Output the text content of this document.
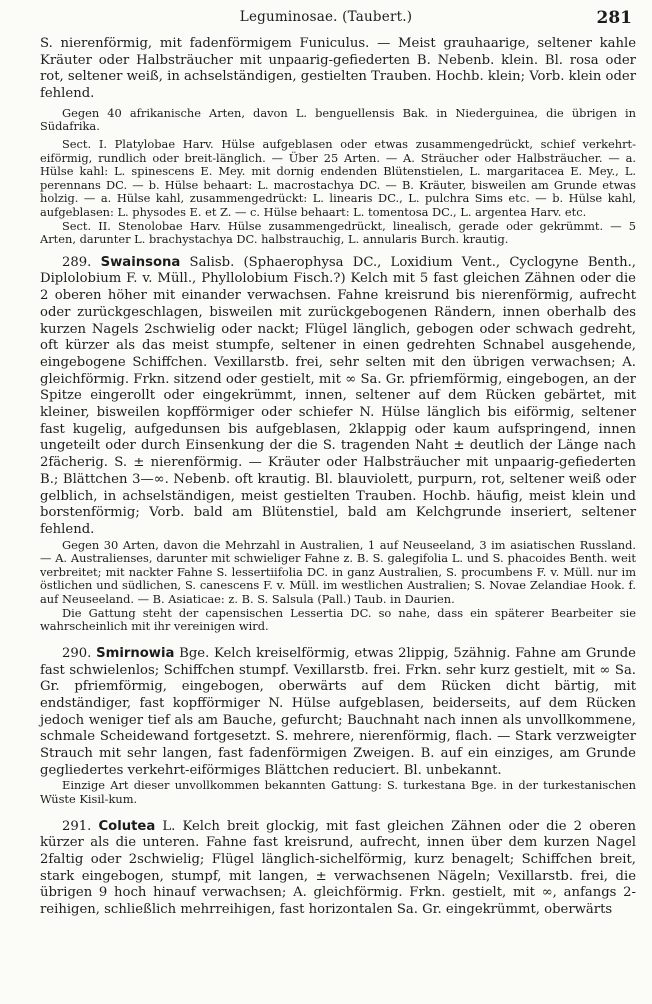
Leguminosae. (Taubert.)	281

S. nierenförmig, mit fadenförmigem Funiculus. — Meist grauhaarige, seltener kahle Kräuter oder Halbsträucher mit unpaarig-gefiederten B. Nebenb. klein. Bl. rosa oder rot, seltener weiß, in achselständigen, gestielten Trauben. Hochb. klein; Vorb. klein oder fehlend.

Gegen 40 afrikanische Arten, davon L. benguellensis Bak. in Niederguinea, die übrigen in Südafrika.

Sect. I. Platylobae Harv. Hülse aufgeblasen oder etwas zusammengedrückt, schief verkehrt-eiförmig, rundlich oder breit-länglich. — Über 25 Arten. — A. Sträucher oder Halbsträucher. — a. Hülse kahl: L. spinescens E. Mey. mit dornig endenden Blütenstielen, L. margaritacea E. Mey., L. perennans DC. — b. Hülse behaart: L. macrostachya DC. — B. Kräuter, bisweilen am Grunde etwas holzig. — a. Hülse kahl, zusammengedrückt: L. linearis DC., L. pulchra Sims etc. — b. Hülse kahl, aufgeblasen: L. physodes E. et Z. — c. Hülse behaart: L. tomentosa DC., L. argentea Harv. etc.

Sect. II. Stenolobae Harv. Hülse zusammengedrückt, linealisch, gerade oder gekrümmt. — 5 Arten, darunter L. brachystachya DC. halbstrauchig, L. annularis Burch. krautig.

289. Swainsona Salisb. (Sphaerophysa DC., Loxidium Vent., Cyclogyne Benth., Diplolobium F. v. Müll., Phyllolobium Fisch.?) Kelch mit 5 fast gleichen Zähnen oder die 2 oberen höher mit einander verwachsen. Fahne kreisrund bis nierenförmig, aufrecht oder zurückgeschlagen, bisweilen mit zurückgebogenen Rändern, innen oberhalb des kurzen Nagels 2schwielig oder nackt; Flügel länglich, gebogen oder schwach gedreht, oft kürzer als das meist stumpfe, seltener in einen gedrehten Schnabel ausgehende, eingebogene Schiffchen. Vexillarstb. frei, sehr selten mit den übrigen verwachsen; A. gleichförmig. Frkn. sitzend oder gestielt, mit ∞ Sa. Gr. pfriemförmig, eingebogen, an der Spitze eingerollt oder eingekrümmt, innen, seltener auf dem Rücken gebärtet, mit kleiner, bisweilen kopfförmiger oder schiefer N. Hülse länglich bis eiförmig, seltener fast kugelig, aufgedunsen bis aufgeblasen, 2klappig oder kaum aufspringend, innen ungeteilt oder durch Einsenkung der die S. tragenden Naht ± deutlich der Länge nach 2fächerig. S. ± nierenförmig. — Kräuter oder Halbsträucher mit unpaarig-gefiederten B.; Blättchen 3—∞. Nebenb. oft krautig. Bl. blauviolett, purpurn, rot, seltener weiß oder gelblich, in achselständigen, meist gestielten Trauben. Hochb. häufig, meist klein und borstenförmig; Vorb. bald am Blütenstiel, bald am Kelchgrunde inseriert, seltener fehlend.

Gegen 30 Arten, davon die Mehrzahl in Australien, 1 auf Neuseeland, 3 im asiatischen Russland. — A. Australienses, darunter mit schwieliger Fahne z. B. S. galegifolia L. und S. phacoides Benth. weit verbreitet; mit nackter Fahne S. lessertiifolia DC. in ganz Australien, S. procumbens F. v. Müll. nur im östlichen und südlichen, S. canescens F. v. Müll. im westlichen Australien; S. Novae Zelandiae Hook. f. auf Neuseeland. — B. Asiaticae: z. B. S. Salsula (Pall.) Taub. in Daurien.

Die Gattung steht der capensischen Lessertia DC. so nahe, dass ein späterer Bearbeiter sie wahrscheinlich mit ihr vereinigen wird.

290. Smirnowia Bge. Kelch kreiselförmig, etwas 2lippig, 5zähnig. Fahne am Grunde fast schwielenlos; Schiffchen stumpf. Vexillarstb. frei. Frkn. sehr kurz gestielt, mit ∞ Sa. Gr. pfriemförmig, eingebogen, oberwärts auf dem Rücken dicht bärtig, mit endständiger, fast kopfförmiger N. Hülse aufgeblasen, beiderseits, auf dem Rücken jedoch weniger tief als am Bauche, gefurcht; Bauchnaht nach innen als unvollkommene, schmale Scheidewand fortgesetzt. S. mehrere, nierenförmig, flach. — Stark verzweigter Strauch mit sehr langen, fast fadenförmigen Zweigen. B. auf ein einziges, am Grunde gegliedertes verkehrt-eiförmiges Blättchen reduciert. Bl. unbekannt.

Einzige Art dieser unvollkommen bekannten Gattung: S. turkestana Bge. in der turkestanischen Wüste Kisil-kum.

291. Colutea L. Kelch breit glockig, mit fast gleichen Zähnen oder die 2 oberen kürzer als die unteren. Fahne fast kreisrund, aufrecht, innen über dem kurzen Nagel 2faltig oder 2schwielig; Flügel länglich-sichelförmig, kurz benagelt; Schiffchen breit, stark eingebogen, stumpf, mit langen, ± verwachsenen Nägeln; Vexillarstb. frei, die übrigen 9 hoch hinauf verwachsen; A. gleichförmig. Frkn. gestielt, mit ∞, anfangs 2-reihigen, schließlich mehrreihigen, fast horizontalen Sa. Gr. eingekrümmt, oberwärts
